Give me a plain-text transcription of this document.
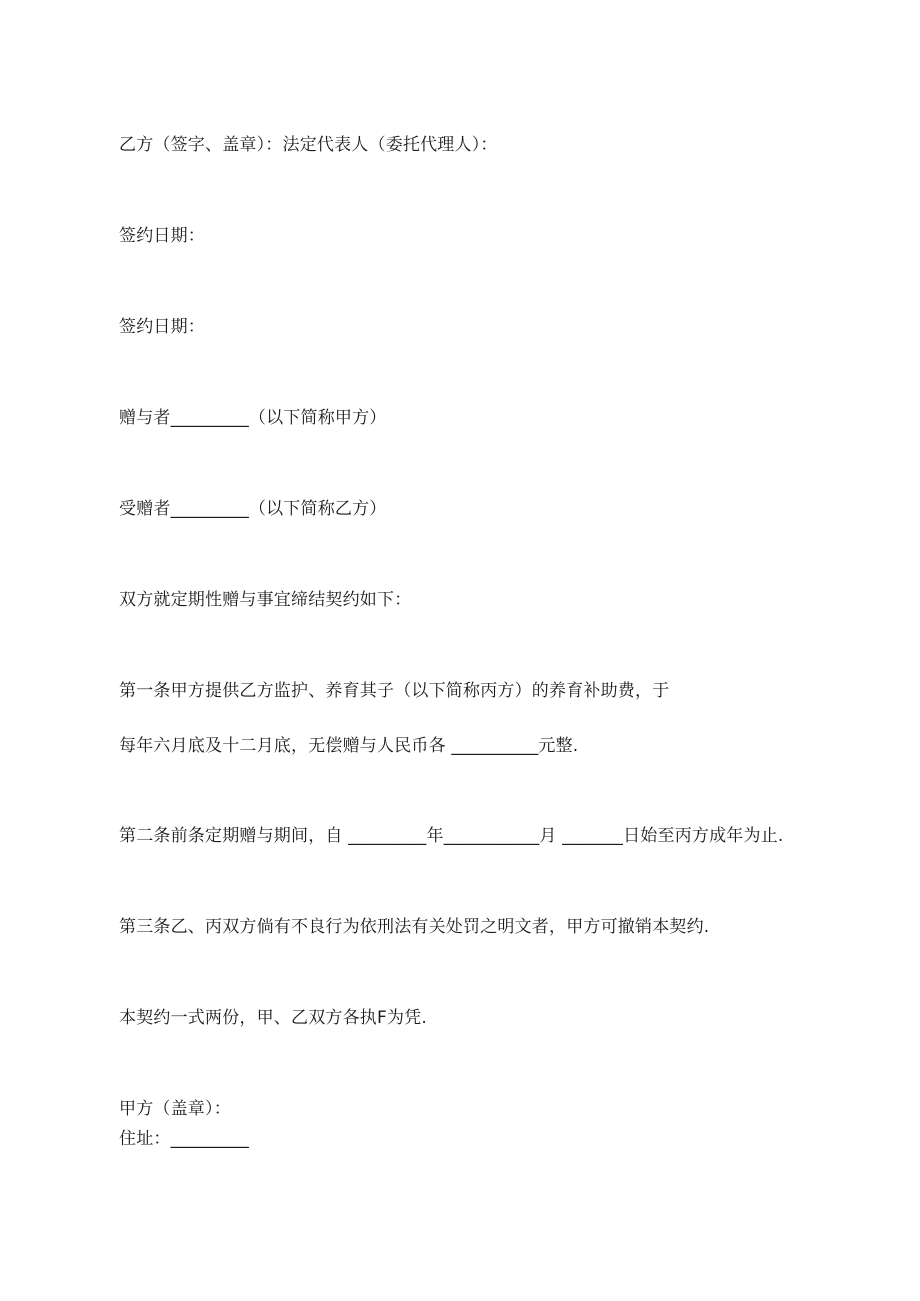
乙方（签字、盖章）：法定代表人（委托代理人）：
签约日期：
签约日期：
赠与者_________（以下简称甲方）
受赠者_________（以下简称乙方）
双方就定期性赠与事宜缔结契约如下：
第一条甲方提供乙方监护、养育其子（以下简称丙方）的养育补助费，于
每年六月底及十二月底，无偿赠与人民币各 __________元整.
第二条前条定期赠与期间，自 _________年___________月 _______日始至丙方成年为止.
第三条乙、丙双方倘有不良行为依刑法有关处罚之明文者，甲方可撤销本契约.
本契约一式两份，甲、乙双方各执F为凭.
甲方（盖章）：
住址：_________
